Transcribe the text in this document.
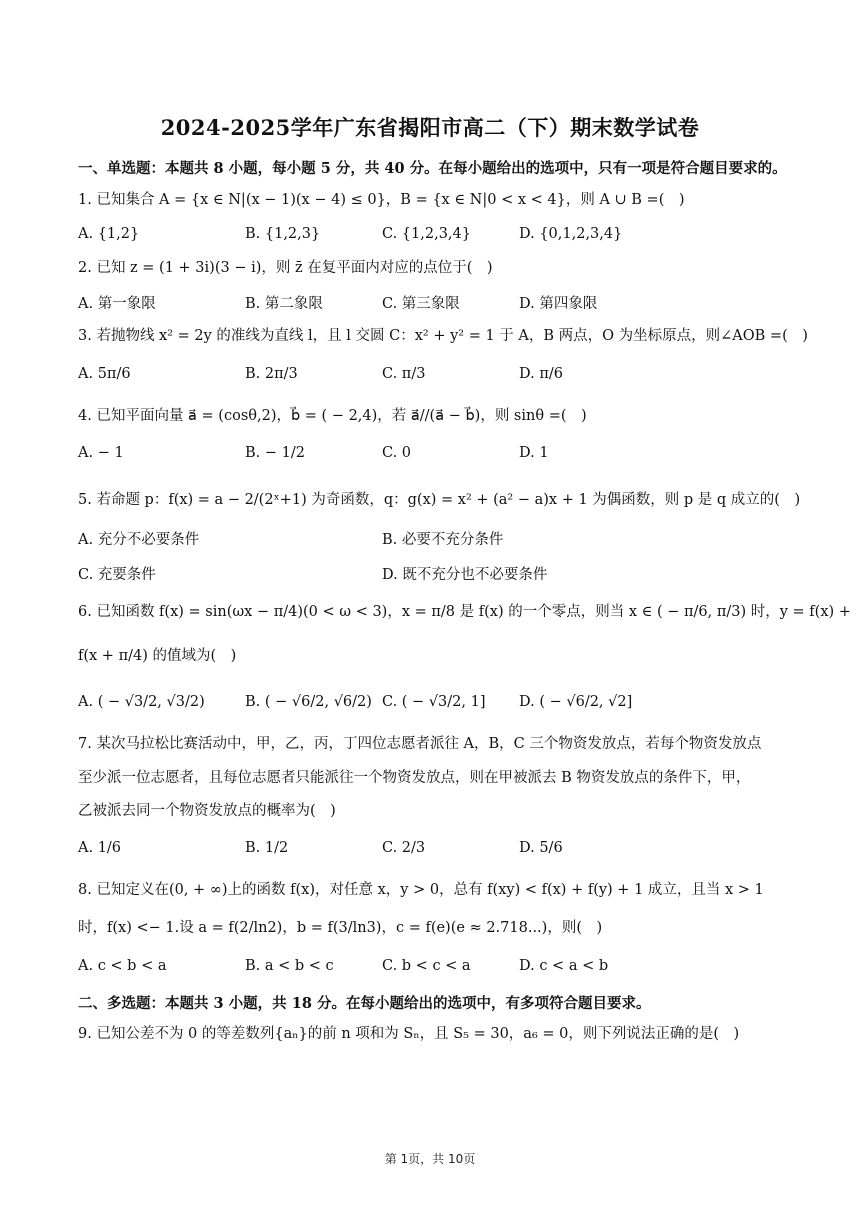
2024-2025学年广东省揭阳市高二（下）期末数学试卷
一、单选题：本题共 8 小题，每小题 5 分，共 40 分。在每小题给出的选项中，只有一项是符合题目要求的。
1. 已知集合 A = {x ∈ N|(x − 1)(x − 4) ≤ 0}，B = {x ∈ N|0 < x < 4}，则 A ∪ B =(　)
A. {1,2}	B. {1,2,3}	C. {1,2,3,4}	D. {0,1,2,3,4}
2. 已知 z = (1 + 3i)(3 − i)，则 z̄ 在复平面内对应的点位于(　)
A. 第一象限	B. 第二象限	C. 第三象限	D. 第四象限
3. 若抛物线 x² = 2y 的准线为直线 l，且 l 交圆 C：x² + y² = 1 于 A，B 两点，O 为坐标原点，则∠AOB =(　)
A. 5π/6	B. 2π/3	C. π/3	D. π/6
4. 已知平面向量 a⃗ = (cosθ,2)，b⃗ = ( − 2,4)，若 a⃗//(a⃗ − b⃗)，则 sinθ =(　)
A. − 1	B. − 1/2	C. 0	D. 1
5. 若命题 p：f(x) = a − 2/(2ˣ+1) 为奇函数，q：g(x) = x² + (a² − a)x + 1 为偶函数，则 p 是 q 成立的(　)
A. 充分不必要条件	B. 必要不充分条件
C. 充要条件	D. 既不充分也不必要条件
6. 已知函数 f(x) = sin(ωx − π/4)(0 < ω < 3)，x = π/8 是 f(x) 的一个零点，则当 x ∈ ( − π/6, π/3) 时，y = f(x) +
f(x + π/4) 的值域为(　)
A. ( − √3/2, √3/2)	B. ( − √6/2, √6/2) C. ( − √3/2, 1] D. ( − √6/2, √2]
7. 某次马拉松比赛活动中，甲，乙，丙，丁四位志愿者派往 A，B，C 三个物资发放点，若每个物资发放点
至少派一位志愿者，且每位志愿者只能派往一个物资发放点，则在甲被派去 B 物资发放点的条件下，甲，
乙被派去同一个物资发放点的概率为(　)
A. 1/6	B. 1/2	C. 2/3	D. 5/6
8. 已知定义在(0, + ∞)上的函数 f(x)，对任意 x，y > 0，总有 f(xy) < f(x) + f(y) + 1 成立，且当 x > 1
时，f(x) <− 1.设 a = f(2/ln2)，b = f(3/ln3)，c = f(e)(e ≈ 2.718...)，则(　)
A. c < b < a	B. a < b < c	C. b < c < a	D. c < a < b
二、多选题：本题共 3 小题，共 18 分。在每小题给出的选项中，有多项符合题目要求。
9. 已知公差不为 0 的等差数列{aₙ}的前 n 项和为 Sₙ，且 S₅ = 30，a₆ = 0，则下列说法正确的是(　)
第 1页，共 10页
